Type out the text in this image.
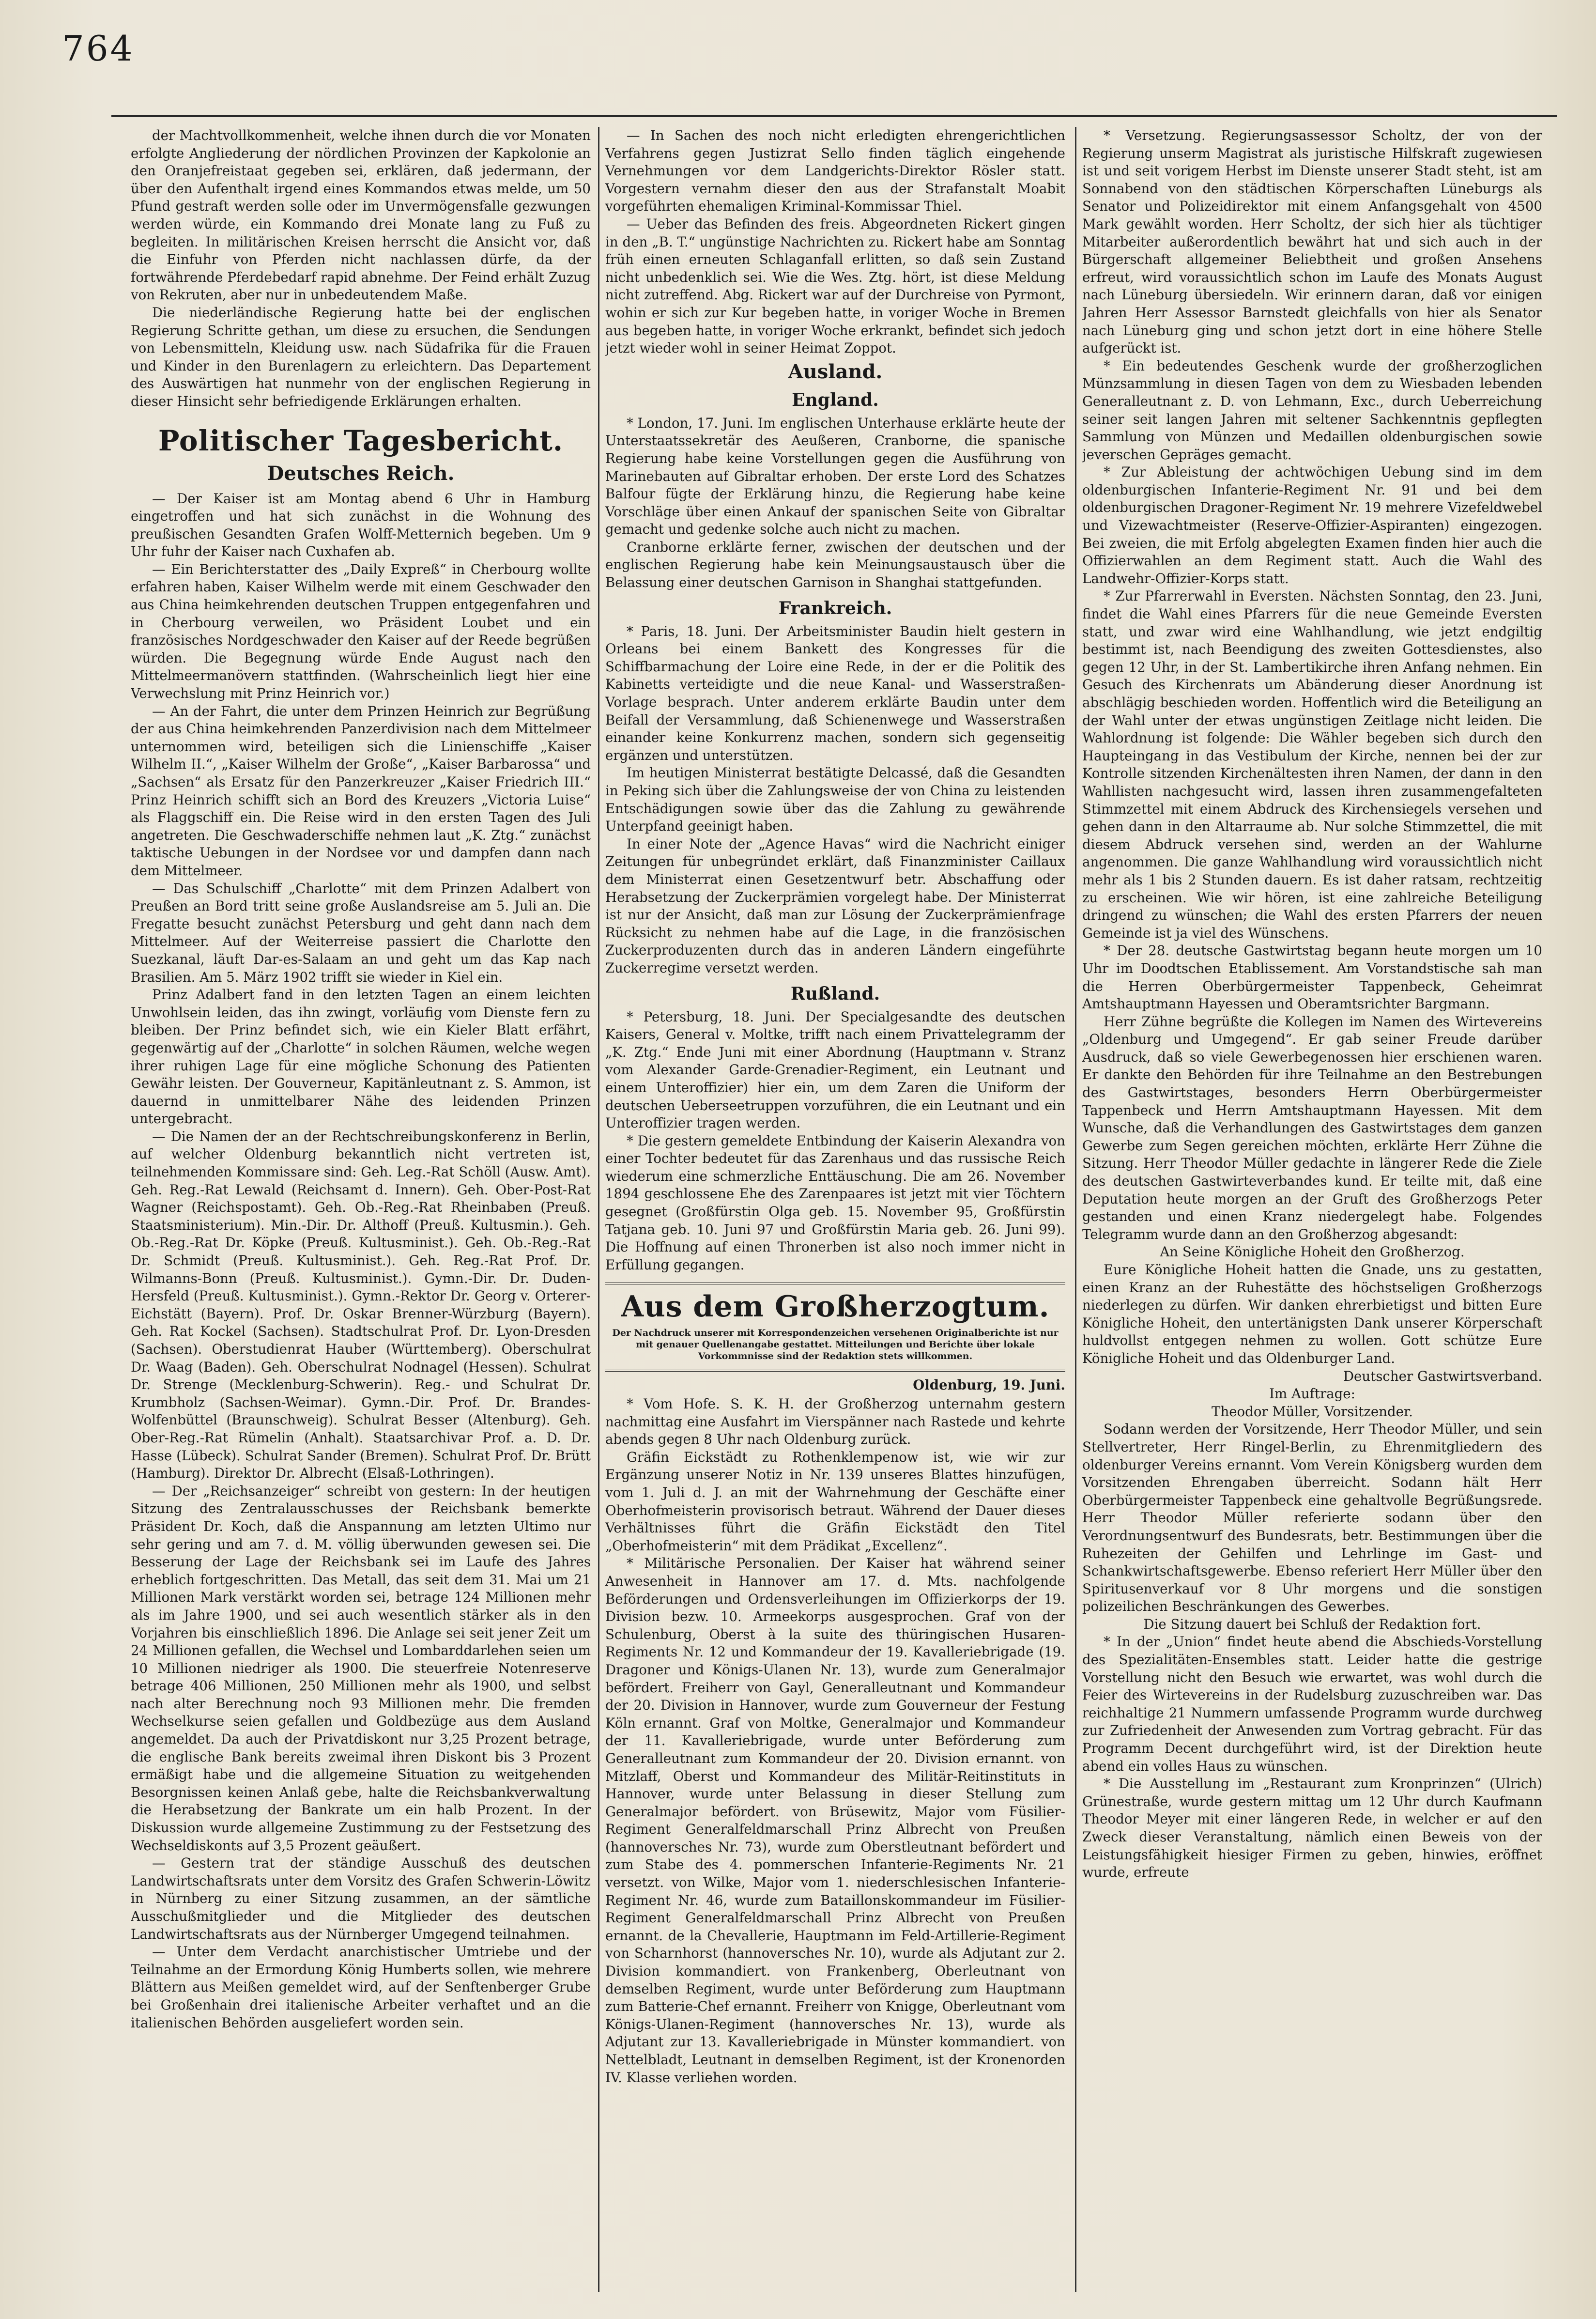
764

der Machtvollkommenheit, welche ihnen durch die vor Monaten erfolgte Angliederung der nördlichen Provinzen der Kapkolonie an den Oranjefreistaat gegeben sei, erklären, daß jedermann, der über den Aufenthalt irgend eines Kommandos etwas melde, um 50 Pfund gestraft werden solle oder im Unvermögensfalle gezwungen werden würde, ein Kommando drei Monate lang zu Fuß zu begleiten. In militärischen Kreisen herrscht die Ansicht vor, daß die Einfuhr von Pferden nicht nachlassen dürfe, da der fortwährende Pferdebedarf rapid abnehme. Der Feind erhält Zuzug von Rekruten, aber nur in unbedeutendem Maße.

Die niederländische Regierung hatte bei der englischen Regierung Schritte gethan, um diese zu ersuchen, die Sendungen von Lebensmitteln, Kleidung usw. nach Südafrika für die Frauen und Kinder in den Burenlagern zu erleichtern. Das Departement des Auswärtigen hat nunmehr von der englischen Regierung in dieser Hinsicht sehr befriedigende Erklärungen erhalten.

Politischer Tagesbericht.
Deutsches Reich.

— Der Kaiser ist am Montag abend 6 Uhr in Hamburg eingetroffen und hat sich zunächst in die Wohnung des preußischen Gesandten Grafen Wolff-Metternich begeben. Um 9 Uhr fuhr der Kaiser nach Cuxhafen ab.

— Ein Berichterstatter des „Daily Expreß“ in Cherbourg wollte erfahren haben, Kaiser Wilhelm werde mit einem Geschwader den aus China heimkehrenden deutschen Truppen entgegenfahren und in Cherbourg verweilen, wo Präsident Loubet und ein französisches Nordgeschwader den Kaiser auf der Reede begrüßen würden. Die Begegnung würde Ende August nach den Mittelmeermanövern stattfinden. (Wahrscheinlich liegt hier eine Verwechslung mit Prinz Heinrich vor.)

— An der Fahrt, die unter dem Prinzen Heinrich zur Begrüßung der aus China heimkehrenden Panzerdivision nach dem Mittelmeer unternommen wird, beteiligen sich die Linienschiffe „Kaiser Wilhelm II.“, „Kaiser Wilhelm der Große“, „Kaiser Barbarossa“ und „Sachsen“ als Ersatz für den Panzerkreuzer „Kaiser Friedrich III.“ Prinz Heinrich schifft sich an Bord des Kreuzers „Victoria Luise“ als Flaggschiff ein. Die Reise wird in den ersten Tagen des Juli angetreten. Die Geschwaderschiffe nehmen laut „K. Ztg.“ zunächst taktische Uebungen in der Nordsee vor und dampfen dann nach dem Mittelmeer.

— Das Schulschiff „Charlotte“ mit dem Prinzen Adalbert von Preußen an Bord tritt seine große Auslandsreise am 5. Juli an. Die Fregatte besucht zunächst Petersburg und geht dann nach dem Mittelmeer. Auf der Weiterreise passiert die Charlotte den Suezkanal, läuft Dar-es-Salaam an und geht um das Kap nach Brasilien. Am 5. März 1902 trifft sie wieder in Kiel ein.

Prinz Adalbert fand in den letzten Tagen an einem leichten Unwohlsein leiden, das ihn zwingt, vorläufig vom Dienste fern zu bleiben. Der Prinz befindet sich, wie ein Kieler Blatt erfährt, gegenwärtig auf der „Charlotte“ in solchen Räumen, welche wegen ihrer ruhigen Lage für eine mögliche Schonung des Patienten Gewähr leisten. Der Gouverneur, Kapitänleutnant z. S. Ammon, ist dauernd in unmittelbarer Nähe des leidenden Prinzen untergebracht.

— Die Namen der an der Rechtschreibungskonferenz in Berlin, auf welcher Oldenburg bekanntlich nicht vertreten ist, teilnehmenden Kommissare sind: Geh. Leg.-Rat Schöll (Ausw. Amt). Geh. Reg.-Rat Lewald (Reichsamt d. Innern). Geh. Ober-Post-Rat Wagner (Reichspostamt). Geh. Ob.-Reg.-Rat Rheinbaben (Preuß. Staatsministerium). Min.-Dir. Dr. Althoff (Preuß. Kultusmin.). Geh. Ob.-Reg.-Rat Dr. Köpke (Preuß. Kultusminist.). Geh. Ob.-Reg.-Rat Dr. Schmidt (Preuß. Kultusminist.). Geh. Reg.-Rat Prof. Dr. Wilmanns-Bonn (Preuß. Kultusminist.). Gymn.-Dir. Dr. Duden-Hersfeld (Preuß. Kultusminist.). Gymn.-Rektor Dr. Georg v. Orterer-Eichstätt (Bayern). Prof. Dr. Oskar Brenner-Würzburg (Bayern). Geh. Rat Kockel (Sachsen). Stadtschulrat Prof. Dr. Lyon-Dresden (Sachsen). Oberstudienrat Hauber (Württemberg). Oberschulrat Dr. Waag (Baden). Geh. Oberschulrat Nodnagel (Hessen). Schulrat Dr. Strenge (Mecklenburg-Schwerin). Reg.- und Schulrat Dr. Krumbholz (Sachsen-Weimar). Gymn.-Dir. Prof. Dr. Brandes-Wolfenbüttel (Braunschweig). Schulrat Besser (Altenburg). Geh. Ober-Reg.-Rat Rümelin (Anhalt). Staatsarchivar Prof. a. D. Dr. Hasse (Lübeck). Schulrat Sander (Bremen). Schulrat Prof. Dr. Brütt (Hamburg). Direktor Dr. Albrecht (Elsaß-Lothringen).

— Der „Reichsanzeiger“ schreibt von gestern: In der heutigen Sitzung des Zentralausschusses der Reichsbank bemerkte Präsident Dr. Koch, daß die Anspannung am letzten Ultimo nur sehr gering und am 7. d. M. völlig überwunden gewesen sei. Die Besserung der Lage der Reichsbank sei im Laufe des Jahres erheblich fortgeschritten. Das Metall, das seit dem 31. Mai um 21 Millionen Mark verstärkt worden sei, betrage 124 Millionen mehr als im Jahre 1900, und sei auch wesentlich stärker als in den Vorjahren bis einschließlich 1896. Die Anlage sei seit jener Zeit um 24 Millionen gefallen, die Wechsel und Lombarddarlehen seien um 10 Millionen niedriger als 1900. Die steuerfreie Notenreserve betrage 406 Millionen, 250 Millionen mehr als 1900, und selbst nach alter Berechnung noch 93 Millionen mehr. Die fremden Wechselkurse seien gefallen und Goldbezüge aus dem Ausland angemeldet. Da auch der Privatdiskont nur 3,25 Prozent betrage, die englische Bank bereits zweimal ihren Diskont bis 3 Prozent ermäßigt habe und die allgemeine Situation zu weitgehenden Besorgnissen keinen Anlaß gebe, halte die Reichsbankverwaltung die Herabsetzung der Bankrate um ein halb Prozent. In der Diskussion wurde allgemeine Zustimmung zu der Festsetzung des Wechseldiskonts auf 3,5 Prozent geäußert.

— Gestern trat der ständige Ausschuß des deutschen Landwirtschaftsrats unter dem Vorsitz des Grafen Schwerin-Löwitz in Nürnberg zu einer Sitzung zusammen, an der sämtliche Ausschußmitglieder und die Mitglieder des deutschen Landwirtschaftsrats aus der Nürnberger Umgegend teilnahmen.

— Unter dem Verdacht anarchistischer Umtriebe und der Teilnahme an der Ermordung König Humberts sollen, wie mehrere Blättern aus Meißen gemeldet wird, auf der Senftenberger Grube bei Großenhain drei italienische Arbeiter verhaftet und an die italienischen Behörden ausgeliefert worden sein.

— In Sachen des noch nicht erledigten ehrengerichtlichen Verfahrens gegen Justizrat Sello finden täglich eingehende Vernehmungen vor dem Landgerichts-Direktor Rösler statt. Vorgestern vernahm dieser den aus der Strafanstalt Moabit vorgeführten ehemaligen Kriminal-Kommissar Thiel.

— Ueber das Befinden des freis. Abgeordneten Rickert gingen in den „B. T.“ ungünstige Nachrichten zu. Rickert habe am Sonntag früh einen erneuten Schlaganfall erlitten, so daß sein Zustand nicht unbedenklich sei. Wie die Wes. Ztg. hört, ist diese Meldung nicht zutreffend. Abg. Rickert war auf der Durchreise von Pyrmont, wohin er sich zur Kur begeben hatte, in voriger Woche in Bremen aus begeben hatte, in voriger Woche erkrankt, befindet sich jedoch jetzt wieder wohl in seiner Heimat Zoppot.

Ausland.
England.

* London, 17. Juni. Im englischen Unterhause erklärte heute der Unterstaatssekretär des Aeußeren, Cranborne, die spanische Regierung habe keine Vorstellungen gegen die Ausführung von Marinebauten auf Gibraltar erhoben. Der erste Lord des Schatzes Balfour fügte der Erklärung hinzu, die Regierung habe keine Vorschläge über einen Ankauf der spanischen Seite von Gibraltar gemacht und gedenke solche auch nicht zu machen.

Cranborne erklärte ferner, zwischen der deutschen und der englischen Regierung habe kein Meinungsaustausch über die Belassung einer deutschen Garnison in Shanghai stattgefunden.

Frankreich.

* Paris, 18. Juni. Der Arbeitsminister Baudin hielt gestern in Orleans bei einem Bankett des Kongresses für die Schiffbarmachung der Loire eine Rede, in der er die Politik des Kabinetts verteidigte und die neue Kanal- und Wasserstraßen-Vorlage besprach. Unter anderem erklärte Baudin unter dem Beifall der Versammlung, daß Schienenwege und Wasserstraßen einander keine Konkurrenz machen, sondern sich gegenseitig ergänzen und unterstützen.

Im heutigen Ministerrat bestätigte Delcassé, daß die Gesandten in Peking sich über die Zahlungsweise der von China zu leistenden Entschädigungen sowie über das die Zahlung zu gewährende Unterpfand geeinigt haben.

In einer Note der „Agence Havas“ wird die Nachricht einiger Zeitungen für unbegründet erklärt, daß Finanzminister Caillaux dem Ministerrat einen Gesetzentwurf betr. Abschaffung oder Herabsetzung der Zuckerprämien vorgelegt habe. Der Ministerrat ist nur der Ansicht, daß man zur Lösung der Zuckerprämienfrage Rücksicht zu nehmen habe auf die Lage, in die französischen Zuckerproduzenten durch das in anderen Ländern eingeführte Zuckerregime versetzt werden.

Rußland.

* Petersburg, 18. Juni. Der Specialgesandte des deutschen Kaisers, General v. Moltke, trifft nach einem Privattelegramm der „K. Ztg.“ Ende Juni mit einer Abordnung (Hauptmann v. Stranz vom Alexander Garde-Grenadier-Regiment, ein Leutnant und einem Unteroffizier) hier ein, um dem Zaren die Uniform der deutschen Ueberseetruppen vorzuführen, die ein Leutnant und ein Unteroffizier tragen werden.

* Die gestern gemeldete Entbindung der Kaiserin Alexandra von einer Tochter bedeutet für das Zarenhaus und das russische Reich wiederum eine schmerzliche Enttäuschung. Die am 26. November 1894 geschlossene Ehe des Zarenpaares ist jetzt mit vier Töchtern gesegnet (Großfürstin Olga geb. 15. November 95, Großfürstin Tatjana geb. 10. Juni 97 und Großfürstin Maria geb. 26. Juni 99). Die Hoffnung auf einen Thronerben ist also noch immer nicht in Erfüllung gegangen.

Aus dem Großherzogtum.
Der Nachdruck unserer mit Korrespondenzeichen versehenen Originalberichte ist nur mit genauer Quellenangabe gestattet. Mitteilungen und Berichte über lokale Vorkommnisse sind der Redaktion stets willkommen.
Oldenburg, 19. Juni.

* Vom Hofe. S. K. H. der Großherzog unternahm gestern nachmittag eine Ausfahrt im Vierspänner nach Rastede und kehrte abends gegen 8 Uhr nach Oldenburg zurück.

Gräfin Eickstädt zu Rothenklempenow ist, wie wir zur Ergänzung unserer Notiz in Nr. 139 unseres Blattes hinzufügen, vom 1. Juli d. J. an mit der Wahrnehmung der Geschäfte einer Oberhofmeisterin provisorisch betraut. Während der Dauer dieses Verhältnisses führt die Gräfin Eickstädt den Titel „Oberhofmeisterin“ mit dem Prädikat „Excellenz“.

* Militärische Personalien. Der Kaiser hat während seiner Anwesenheit in Hannover am 17. d. Mts. nachfolgende Beförderungen und Ordensverleihungen im Offizierkorps der 19. Division bezw. 10. Armeekorps ausgesprochen. Graf von der Schulenburg, Oberst à la suite des thüringischen Husaren-Regiments Nr. 12 und Kommandeur der 19. Kavalleriebrigade (19. Dragoner und Königs-Ulanen Nr. 13), wurde zum Generalmajor befördert. Freiherr von Gayl, Generalleutnant und Kommandeur der 20. Division in Hannover, wurde zum Gouverneur der Festung Köln ernannt. Graf von Moltke, Generalmajor und Kommandeur der 11. Kavalleriebrigade, wurde unter Beförderung zum Generalleutnant zum Kommandeur der 20. Division ernannt. von Mitzlaff, Oberst und Kommandeur des Militär-Reitinstituts in Hannover, wurde unter Belassung in dieser Stellung zum Generalmajor befördert. von Brüsewitz, Major vom Füsilier-Regiment Generalfeldmarschall Prinz Albrecht von Preußen (hannoversches Nr. 73), wurde zum Oberstleutnant befördert und zum Stabe des 4. pommerschen Infanterie-Regiments Nr. 21 versetzt. von Wilke, Major vom 1. niederschlesischen Infanterie-Regiment Nr. 46, wurde zum Bataillonskommandeur im Füsilier-Regiment Generalfeldmarschall Prinz Albrecht von Preußen ernannt. de la Chevallerie, Hauptmann im Feld-Artillerie-Regiment von Scharnhorst (hannoversches Nr. 10), wurde als Adjutant zur 2. Division kommandiert. von Frankenberg, Oberleutnant von demselben Regiment, wurde unter Beförderung zum Hauptmann zum Batterie-Chef ernannt. Freiherr von Knigge, Oberleutnant vom Königs-Ulanen-Regiment (hannoversches Nr. 13), wurde als Adjutant zur 13. Kavalleriebrigade in Münster kommandiert. von Nettelbladt, Leutnant in demselben Regiment, ist der Kronenorden IV. Klasse verliehen worden.

* Versetzung. Regierungsassessor Scholtz, der von der Regierung unserm Magistrat als juristische Hilfskraft zugewiesen ist und seit vorigem Herbst im Dienste unserer Stadt steht, ist am Sonnabend von den städtischen Körperschaften Lüneburgs als Senator und Polizeidirektor mit einem Anfangsgehalt von 4500 Mark gewählt worden. Herr Scholtz, der sich hier als tüchtiger Mitarbeiter außerordentlich bewährt hat und sich auch in der Bürgerschaft allgemeiner Beliebtheit und großen Ansehens erfreut, wird voraussichtlich schon im Laufe des Monats August nach Lüneburg übersiedeln. Wir erinnern daran, daß vor einigen Jahren Herr Assessor Barnstedt gleichfalls von hier als Senator nach Lüneburg ging und schon jetzt dort in eine höhere Stelle aufgerückt ist.

* Ein bedeutendes Geschenk wurde der großherzoglichen Münzsammlung in diesen Tagen von dem zu Wiesbaden lebenden Generalleutnant z. D. von Lehmann, Exc., durch Ueberreichung seiner seit langen Jahren mit seltener Sachkenntnis gepflegten Sammlung von Münzen und Medaillen oldenburgischen sowie jeverschen Gepräges gemacht.

* Zur Ableistung der achtwöchigen Uebung sind im dem oldenburgischen Infanterie-Regiment Nr. 91 und bei dem oldenburgischen Dragoner-Regiment Nr. 19 mehrere Vizefeldwebel und Vizewachtmeister (Reserve-Offizier-Aspiranten) eingezogen. Bei zweien, die mit Erfolg abgelegten Examen finden hier auch die Offizierwahlen an dem Regiment statt. Auch die Wahl des Landwehr-Offizier-Korps statt.

* Zur Pfarrerwahl in Eversten. Nächsten Sonntag, den 23. Juni, findet die Wahl eines Pfarrers für die neue Gemeinde Eversten statt, und zwar wird eine Wahlhandlung, wie jetzt endgiltig bestimmt ist, nach Beendigung des zweiten Gottesdienstes, also gegen 12 Uhr, in der St. Lambertikirche ihren Anfang nehmen. Ein Gesuch des Kirchenrats um Abänderung dieser Anordnung ist abschlägig beschieden worden. Hoffentlich wird die Beteiligung an der Wahl unter der etwas ungünstigen Zeitlage nicht leiden. Die Wahlordnung ist folgende: Die Wähler begeben sich durch den Haupteingang in das Vestibulum der Kirche, nennen bei der zur Kontrolle sitzenden Kirchenältesten ihren Namen, der dann in den Wahllisten nachgesucht wird, lassen ihren zusammengefalteten Stimmzettel mit einem Abdruck des Kirchensiegels versehen und gehen dann in den Altarraume ab. Nur solche Stimmzettel, die mit diesem Abdruck versehen sind, werden an der Wahlurne angenommen. Die ganze Wahlhandlung wird voraussichtlich nicht mehr als 1 bis 2 Stunden dauern. Es ist daher ratsam, rechtzeitig zu erscheinen. Wie wir hören, ist eine zahlreiche Beteiligung dringend zu wünschen; die Wahl des ersten Pfarrers der neuen Gemeinde ist ja viel des Wünschens.

* Der 28. deutsche Gastwirtstag begann heute morgen um 10 Uhr im Doodtschen Etablissement. Am Vorstandstische sah man die Herren Oberbürgermeister Tappenbeck, Geheimrat Amtshauptmann Hayessen und Oberamtsrichter Bargmann.

Herr Zühne begrüßte die Kollegen im Namen des Wirtevereins „Oldenburg und Umgegend“. Er gab seiner Freude darüber Ausdruck, daß so viele Gewerbegenossen hier erschienen waren. Er dankte den Behörden für ihre Teilnahme an den Bestrebungen des Gastwirtstages, besonders Herrn Oberbürgermeister Tappenbeck und Herrn Amtshauptmann Hayessen. Mit dem Wunsche, daß die Verhandlungen des Gastwirtstages dem ganzen Gewerbe zum Segen gereichen möchten, erklärte Herr Zühne die Sitzung. Herr Theodor Müller gedachte in längerer Rede die Ziele des deutschen Gastwirteverbandes kund. Er teilte mit, daß eine Deputation heute morgen an der Gruft des Großherzogs Peter gestanden und einen Kranz niedergelegt habe. Folgendes Telegramm wurde dann an den Großherzog abgesandt:

An Seine Königliche Hoheit den Großherzog.

Eure Königliche Hoheit hatten die Gnade, uns zu gestatten, einen Kranz an der Ruhestätte des höchstseligen Großherzogs niederlegen zu dürfen. Wir danken ehrerbietigst und bitten Eure Königliche Hoheit, den untertänigsten Dank unserer Körperschaft huldvollst entgegen nehmen zu wollen. Gott schütze Eure Königliche Hoheit und das Oldenburger Land.

Deutscher Gastwirtsverband.

Im Auftrage:

Theodor Müller, Vorsitzender.

Sodann werden der Vorsitzende, Herr Theodor Müller, und sein Stellvertreter, Herr Ringel-Berlin, zu Ehrenmitgliedern des oldenburger Vereins ernannt. Vom Verein Königsberg wurden dem Vorsitzenden Ehrengaben überreicht. Sodann hält Herr Oberbürgermeister Tappenbeck eine gehaltvolle Begrüßungsrede. Herr Theodor Müller referierte sodann über den Verordnungsentwurf des Bundesrats, betr. Bestimmungen über die Ruhezeiten der Gehilfen und Lehrlinge im Gast- und Schankwirtschaftsgewerbe. Ebenso referiert Herr Müller über den Spiritusenverkauf vor 8 Uhr morgens und die sonstigen polizeilichen Beschränkungen des Gewerbes.

Die Sitzung dauert bei Schluß der Redaktion fort.

* In der „Union“ findet heute abend die Abschieds-Vorstellung des Spezialitäten-Ensembles statt. Leider hatte die gestrige Vorstellung nicht den Besuch wie erwartet, was wohl durch die Feier des Wirtevereins in der Rudelsburg zuzuschreiben war. Das reichhaltige 21 Nummern umfassende Programm wurde durchweg zur Zufriedenheit der Anwesenden zum Vortrag gebracht. Für das Programm Decent durchgeführt wird, ist der Direktion heute abend ein volles Haus zu wünschen.

* Die Ausstellung im „Restaurant zum Kronprinzen“ (Ulrich) Grünestraße, wurde gestern mittag um 12 Uhr durch Kaufmann Theodor Meyer mit einer längeren Rede, in welcher er auf den Zweck dieser Veranstaltung, nämlich einen Beweis von der Leistungsfähigkeit hiesiger Firmen zu geben, hinwies, eröffnet wurde, erfreute
